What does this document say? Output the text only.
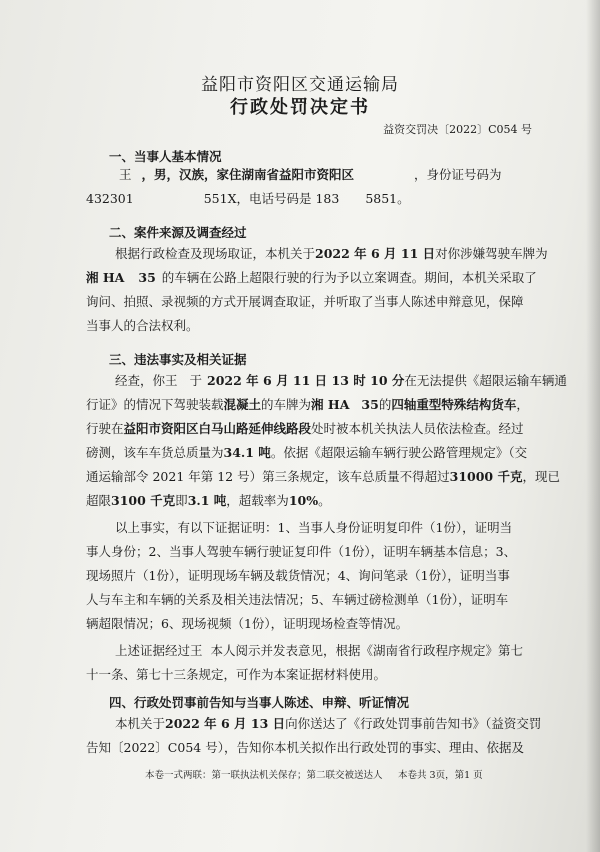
益阳市资阳区交通运输局
行政处罚决定书
益资交罚决〔2022〕C054 号
一、当事人基本情况
王 ，男，汉族，家住湖南省益阳市资阳区	，身份证号码为
432301	551X，电话号码是 183 5851。
二、案件来源及调查经过
根据行政检查及现场取证，本机关于2022 年 6 月 11 日对你涉嫌驾驶车牌为
湘 HA 35 的车辆在公路上超限行驶的行为予以立案调查。期间，本机关采取了
询问、拍照、录视频的方式开展调查取证，并听取了当事人陈述申辩意见，保障
当事人的合法权利。
三、违法事实及相关证据
经查，你王 于 2022 年 6 月 11 日 13 时 10 分在无法提供《超限运输车辆通
行证》的情况下驾驶装载混凝土的车牌为湘 HA 35的四轴重型特殊结构货车，
行驶在益阳市资阳区白马山路延伸线路段处时被本机关执法人员依法检查。经过
磅测，该车车货总质量为34.1 吨。依据《超限运输车辆行驶公路管理规定》（交
通运输部令 2021 年第 12 号）第三条规定，该车总质量不得超过31000 千克，现已
超限3100 千克即3.1 吨，超载率为10%。
以上事实，有以下证据证明：1、当事人身份证明复印件（1份），证明当
事人身份；2、当事人驾驶车辆行驶证复印件（1份），证明车辆基本信息；3、
现场照片（1份），证明现场车辆及载货情况；4、询问笔录（1份），证明当事
人与车主和车辆的关系及相关违法情况；5、车辆过磅检测单（1份），证明车
辆超限情况；6、现场视频（1份），证明现场检查等情况。
上述证据经过王 本人阅示并发表意见，根据《湖南省行政程序规定》第七
十一条、第七十三条规定，可作为本案证据材料使用。
四、行政处罚事前告知与当事人陈述、申辩、听证情况
本机关于2022 年 6 月 13 日向你送达了《行政处罚事前告知书》（益资交罚
告知〔2022〕C054 号），告知你本机关拟作出行政处罚的事实、理由、依据及
本卷一式两联：第一联执法机关保存；第二联交被送达人 本卷共 3页，第1 页
